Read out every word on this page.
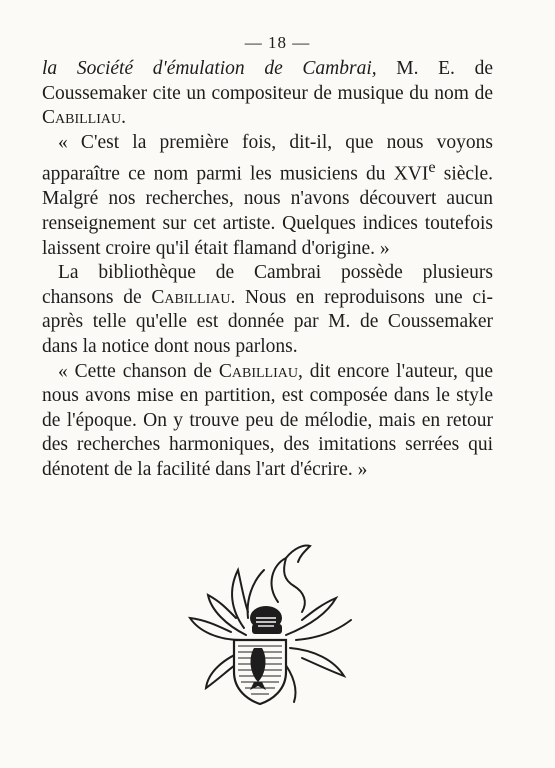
— 18 —

la Société d'émulation de Cambrai, M. E. de Coussemaker cite un compositeur de musique du nom de Cabilliau.

« C'est la première fois, dit-il, que nous voyons apparaître ce nom parmi les musiciens du XVIe siècle. Malgré nos recherches, nous n'avons découvert aucun renseignement sur cet artiste. Quelques indices toutefois laissent croire qu'il était flamand d'origine. »

La bibliothèque de Cambrai possède plusieurs chansons de Cabilliau. Nous en reproduisons une ci-après telle qu'elle est donnée par M. de Coussemaker dans la notice dont nous parlons.

« Cette chanson de Cabilliau, dit encore l'auteur, que nous avons mise en partition, est composée dans le style de l'époque. On y trouve peu de mélodie, mais en retour des recherches harmoniques, des imitations serrées qui dénotent de la facilité dans l'art d'écrire. »
